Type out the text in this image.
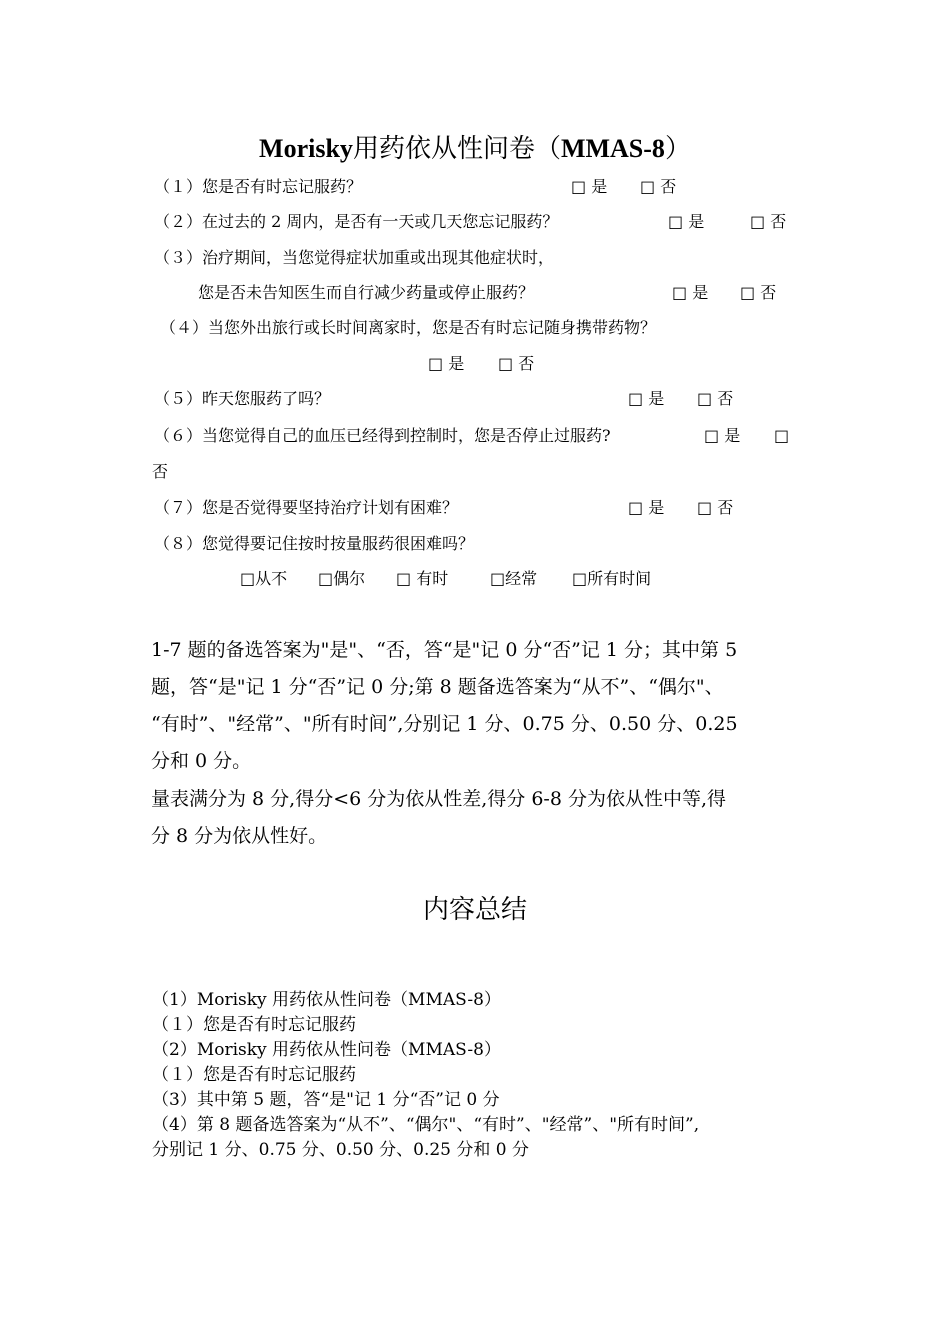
Morisky用药依从性问卷（MMAS-8）
（１）您是否有时忘记服药？	□ 是 □ 否
（２）在过去的 2 周内，是否有一天或几天您忘记服药？	□ 是	□ 否
（３）治疗期间，当您觉得症状加重或出现其他症状时，
您是否未告知医生而自行减少药量或停止服药？	□ 是 □ 否
（４）当您外出旅行或长时间离家时，您是否有时忘记随身携带药物？
□ 是 □ 否
（５）昨天您服药了吗？	□ 是 □ 否
（６）当您觉得自己的血压已经得到控制时，您是否停止过服药?	□ 是 □
否
（７）您是否觉得要坚持治疗计划有困难？	□ 是 □ 否
（８）您觉得要记住按时按量服药很困难吗？
□从不 □偶尔 □ 有时	□经常 □所有时间
1-7 题的备选答案为"是"、“否，答“是"记 0 分“否”记 1 分；其中第 5
题，答“是"记 1 分“否”记 0 分;第 8 题备选答案为“从不”、“偶尔"、
“有时”、"经常”、"所有时间”,分别记 1 分、0.75 分、0.50 分、0.25
分和 0 分。
量表满分为 8 分,得分<6 分为依从性差,得分 6-8 分为依从性中等,得
分 8 分为依从性好。
内容总结
（1）Morisky 用药依从性问卷（MMAS-8）
（１）您是否有时忘记服药
（2）Morisky 用药依从性问卷（MMAS-8）
（１）您是否有时忘记服药
（3）其中第 5 题，答“是"记 1 分“否”记 0 分
（4）第 8 题备选答案为“从不”、“偶尔"、“有时”、"经常”、"所有时间”,
分别记 1 分、0.75 分、0.50 分、0.25 分和 0 分
